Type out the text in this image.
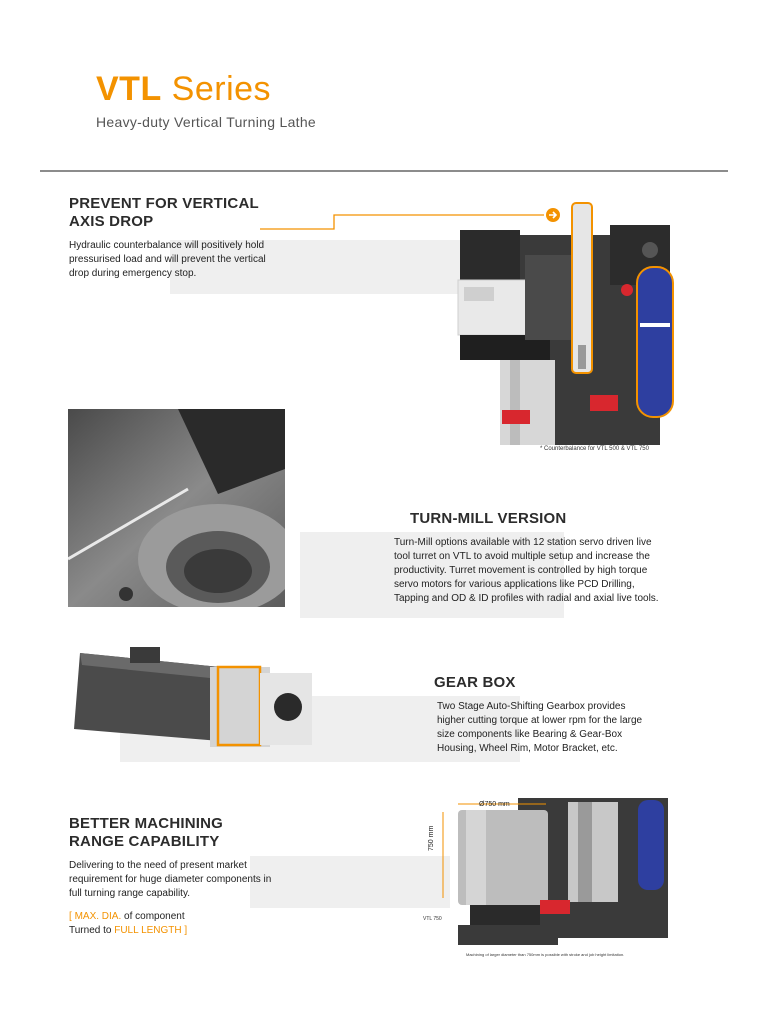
VTL Series
Heavy-duty Vertical Turning Lathe
PREVENT FOR VERTICAL
AXIS DROP
Hydraulic counterbalance will positively hold
pressurised load and will prevent the vertical
drop during emergency stop.
* Counterbalance for VTL 500 & VTL 750
TURN-MILL VERSION
Turn-Mill options available with 12 station servo driven live
tool turret on VTL to avoid multiple setup and increase the
productivity. Turret movement is controlled by high torque
servo motors for various applications like PCD Drilling,
Tapping and OD & ID profiles with radial and axial live tools.
GEAR BOX
Two Stage Auto-Shifting Gearbox provides
higher cutting torque at lower rpm for the large
size components like Bearing & Gear-Box
Housing, Wheel Rim, Motor Bracket, etc.
BETTER MACHINING
RANGE CAPABILITY
Delivering to the need of present market
requirement for huge diameter components in
full turning range capability.
[ MAX. DIA. of component
Turned to FULL LENGTH ]
Ø750 mm
750 mm
VTL 750
Machining of larger diameter than 750mm is possible with stroke and job height limitation.
